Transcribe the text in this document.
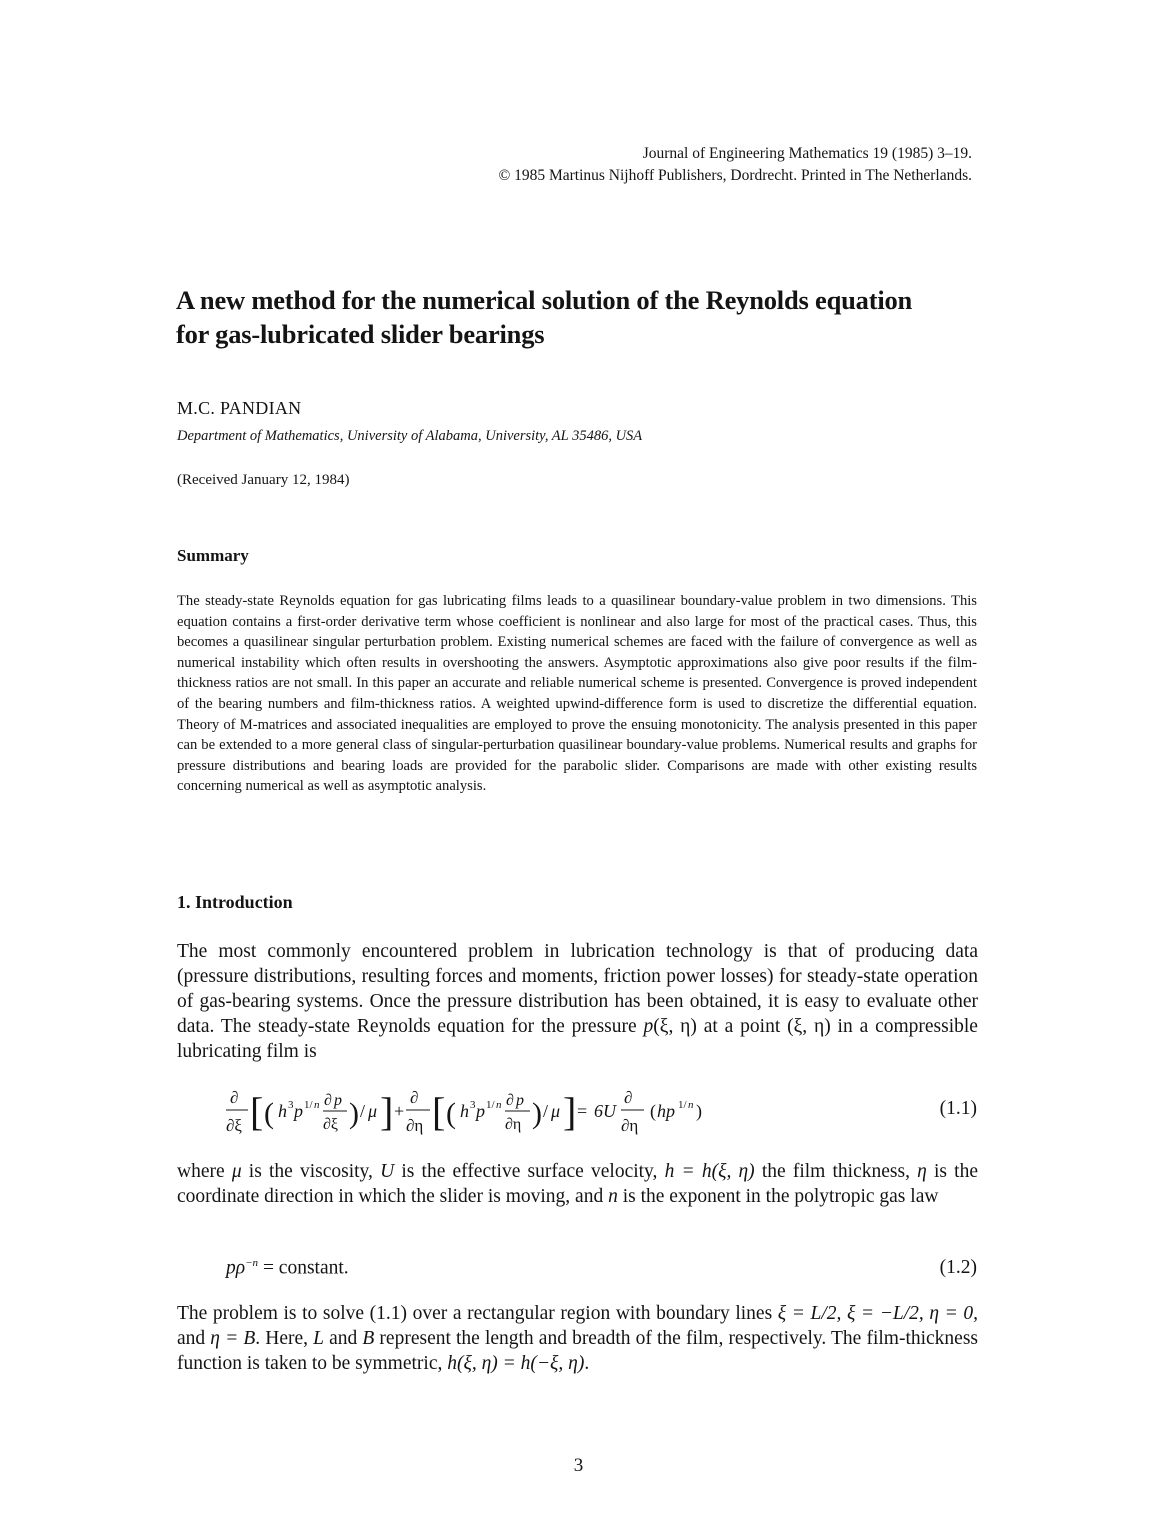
Journal of Engineering Mathematics 19 (1985) 3–19.
© 1985 Martinus Nijhoff Publishers, Dordrecht. Printed in The Netherlands.
A new method for the numerical solution of the Reynolds equation
for gas-lubricated slider bearings
M.C. PANDIAN
Department of Mathematics, University of Alabama, University, AL 35486, USA
(Received January 12, 1984)
Summary
The steady-state Reynolds equation for gas lubricating films leads to a quasilinear boundary-value problem in two dimensions. This equation contains a first-order derivative term whose coefficient is nonlinear and also large for most of the practical cases. Thus, this becomes a quasilinear singular perturbation problem. Existing numerical schemes are faced with the failure of convergence as well as numerical instability which often results in overshooting the answers. Asymptotic approximations also give poor results if the film-thickness ratios are not small. In this paper an accurate and reliable numerical scheme is presented. Convergence is proved independent of the bearing numbers and film-thickness ratios. A weighted upwind-difference form is used to discretize the differential equation. Theory of M-matrices and associated inequalities are employed to prove the ensuing monotonicity. The analysis presented in this paper can be extended to a more general class of singular-perturbation quasilinear boundary-value problems. Numerical results and graphs for pressure distributions and bearing loads are provided for the parabolic slider. Comparisons are made with other existing results concerning numerical as well as asymptotic analysis.
1. Introduction
The most commonly encountered problem in lubrication technology is that of producing data (pressure distributions, resulting forces and moments, friction power losses) for steady-state operation of gas-bearing systems. Once the pressure distribution has been obtained, it is easy to evaluate other data. The steady-state Reynolds equation for the pressure p(ξ, η) at a point (ξ, η) in a compressible lubricating film is
∂
∂ξ [ ( h 3 p 1/ n ∂ p
∂ξ ) / μ ] +
∂
∂η [ ( h 3 p 1/ n ∂ p
∂η ) / μ ] = 6U
∂
∂η
( hp 1/ n )	(1.1)
where μ is the viscosity, U is the effective surface velocity, h = h(ξ, η) the film thickness, η is the coordinate direction in which the slider is moving, and n is the exponent in the polytropic gas law
$p\rho^{-n}$ = constant.	(1.2)
The problem is to solve (1.1) over a rectangular region with boundary lines ξ = L/2, ξ = −L/2, η = 0, and η = B. Here, L and B represent the length and breadth of the film, respectively. The film-thickness function is taken to be symmetric, h(ξ, η) = h(−ξ, η).
3
